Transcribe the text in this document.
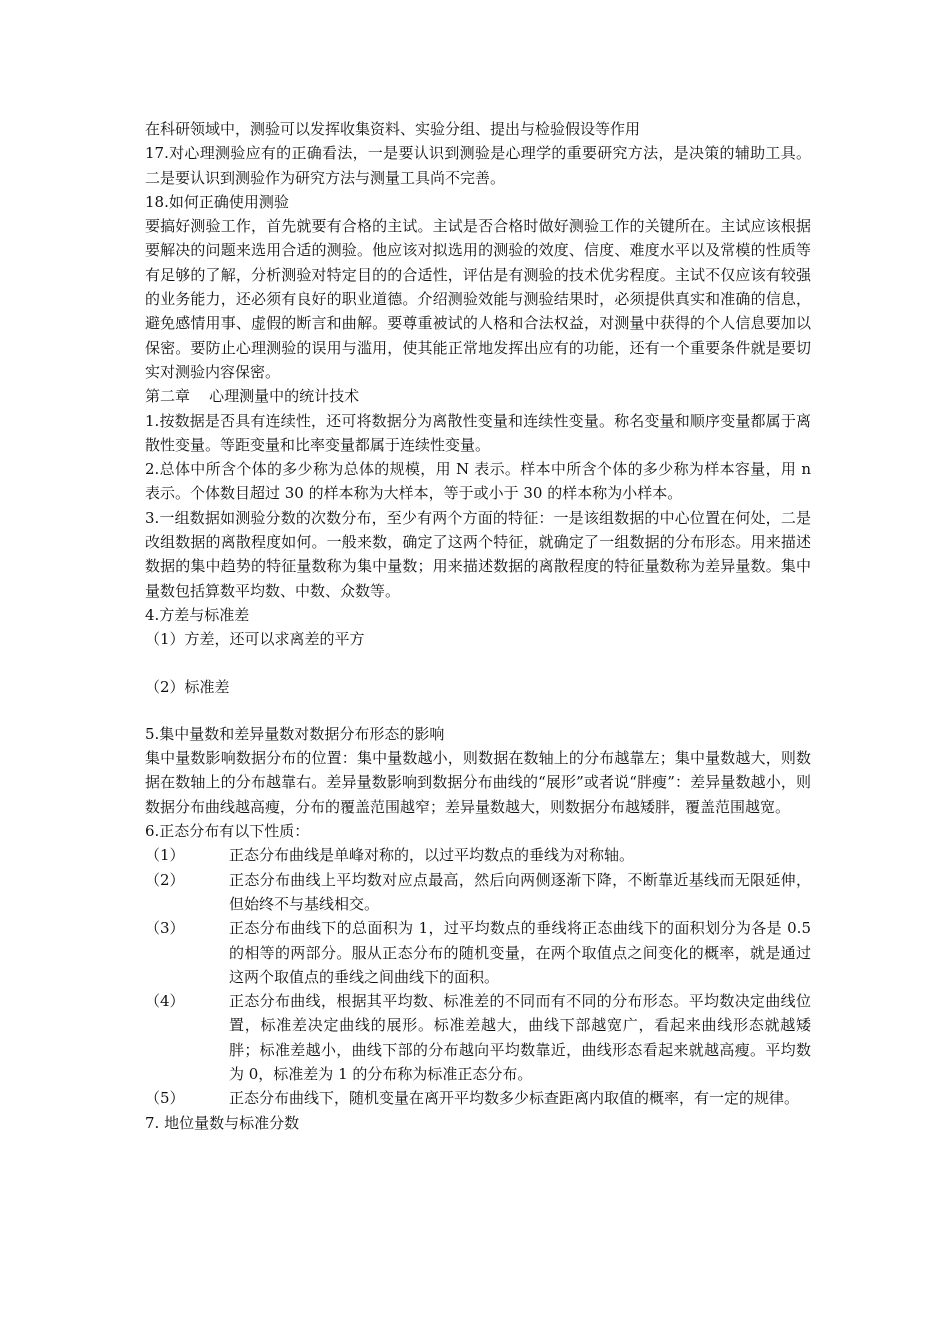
在科研领域中，测验可以发挥收集资料、实验分组、提出与检验假设等作用

17.对心理测验应有的正确看法，一是要认识到测验是心理学的重要研究方法，是决策的辅助工具。二是要认识到测验作为研究方法与测量工具尚不完善。

18.如何正确使用测验

要搞好测验工作，首先就要有合格的主试。主试是否合格时做好测验工作的关键所在。主试应该根据要解决的问题来选用合适的测验。他应该对拟选用的测验的效度、信度、难度水平以及常模的性质等有足够的了解，分析测验对特定目的的合适性，评估是有测验的技术优劣程度。主试不仅应该有较强的业务能力，还必须有良好的职业道德。介绍测验效能与测验结果时，必须提供真实和准确的信息，避免感情用事、虚假的断言和曲解。要尊重被试的人格和合法权益，对测量中获得的个人信息要加以保密。要防止心理测验的误用与滥用，使其能正常地发挥出应有的功能，还有一个重要条件就是要切实对测验内容保密。

第二章    心理测量中的统计技术

1.按数据是否具有连续性，还可将数据分为离散性变量和连续性变量。称名变量和顺序变量都属于离散性变量。等距变量和比率变量都属于连续性变量。

2.总体中所含个体的多少称为总体的规模，用 N 表示。样本中所含个体的多少称为样本容量，用 n 表示。个体数目超过 30 的样本称为大样本，等于或小于 30 的样本称为小样本。

3.一组数据如测验分数的次数分布，至少有两个方面的特征：一是该组数据的中心位置在何处，二是改组数据的离散程度如何。一般来数，确定了这两个特征，就确定了一组数据的分布形态。用来描述数据的集中趋势的特征量数称为集中量数；用来描述数据的离散程度的特征量数称为差异量数。集中量数包括算数平均数、中数、众数等。

4.方差与标准差

（1）方差，还可以求离差的平方

（2）标准差

5.集中量数和差异量数对数据分布形态的影响

集中量数影响数据分布的位置：集中量数越小，则数据在数轴上的分布越靠左；集中量数越大，则数据在数轴上的分布越靠右。差异量数影响到数据分布曲线的“展形”或者说“胖瘦”：差异量数越小，则数据分布曲线越高瘦，分布的覆盖范围越窄；差异量数越大，则数据分布越矮胖，覆盖范围越宽。

6.正态分布有以下性质：

（1）	正态分布曲线是单峰对称的，以过平均数点的垂线为对称轴。
（2）	正态分布曲线上平均数对应点最高，然后向两侧逐渐下降，不断靠近基线而无限延伸，但始终不与基线相交。
（3）	正态分布曲线下的总面积为 1，过平均数点的垂线将正态曲线下的面积划分为各是 0.5 的相等的两部分。服从正态分布的随机变量，在两个取值点之间变化的概率，就是通过这两个取值点的垂线之间曲线下的面积。
（4）	正态分布曲线，根据其平均数、标准差的不同而有不同的分布形态。平均数决定曲线位置，标准差决定曲线的展形。标准差越大，曲线下部越宽广，看起来曲线形态就越矮胖；标准差越小，曲线下部的分布越向平均数靠近，曲线形态看起来就越高瘦。平均数为 0，标准差为 1 的分布称为标准正态分布。
（5）	正态分布曲线下，随机变量在离开平均数多少标查距离内取值的概率，有一定的规律。

7. 地位量数与标准分数
